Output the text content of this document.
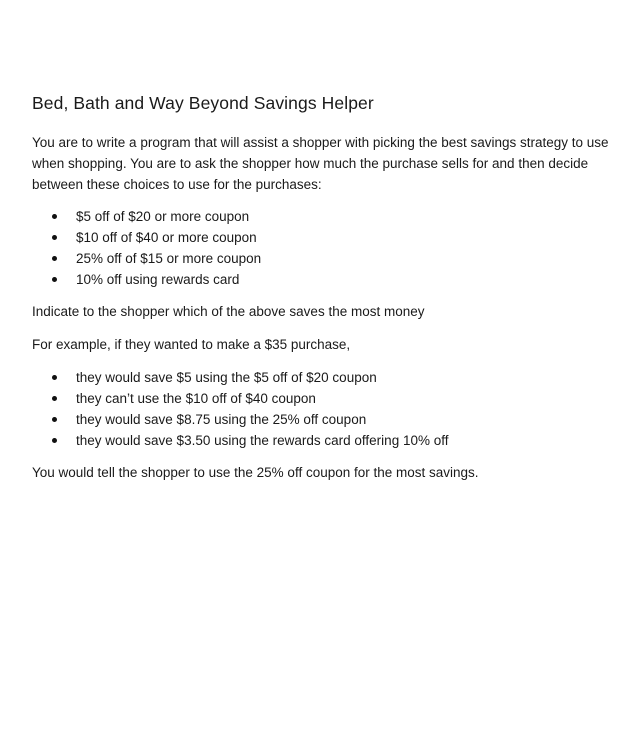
Bed, Bath and Way Beyond Savings Helper

You are to write a program that will assist a shopper with picking the best savings strategy to use when shopping. You are to ask the shopper how much the purchase sells for and then decide between these choices to use for the purchases:

$5 off of $20 or more coupon
$10 off of $40 or more coupon
25% off of $15 or more coupon
10% off using rewards card

Indicate to the shopper which of the above saves the most money

For example, if they wanted to make a $35 purchase,

they would save $5 using the $5 off of $20 coupon
they can’t use the $10 off of $40 coupon
they would save $8.75 using the 25% off coupon
they would save $3.50 using the rewards card offering 10% off

You would tell the shopper to use the 25% off coupon for the most savings.
